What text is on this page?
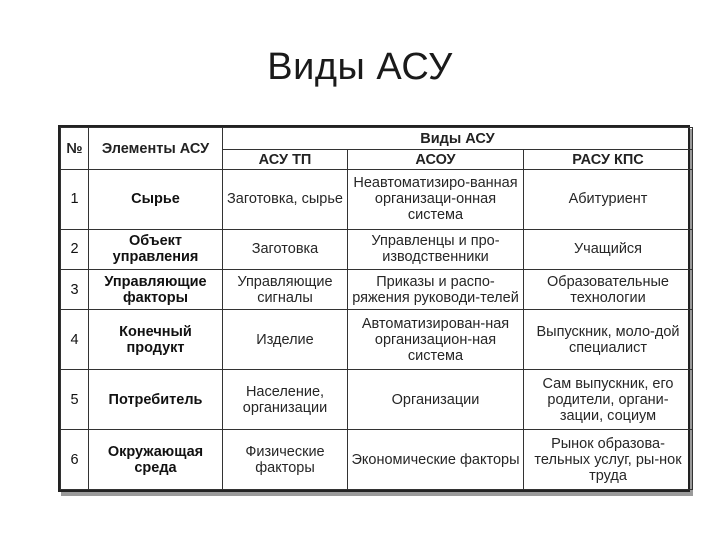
Виды АСУ
№	Элементы АСУ	Виды АСУ		
		АСУ ТП	АСОУ	РАСУ КПС
1	Сырье	Заготовка, сырье	Неавтоматизиро-ванная организаци-онная система	Абитуриент
2	Объект управления	Заготовка	Управленцы и про-изводственники	Учащийся
3	Управляющие факторы	Управляющие сигналы	Приказы и распо-ряжения руководи-телей	Образовательные технологии
4	Конечный продукт	Изделие	Автоматизирован-ная организацион-ная система	Выпускник, моло-дой специалист
5	Потребитель	Население, организации	Организации	Сам выпускник, его родители, органи-зации, социум
6	Окружающая среда	Физические факторы	Экономические факторы	Рынок образова-тельных услуг, ры-нок труда
